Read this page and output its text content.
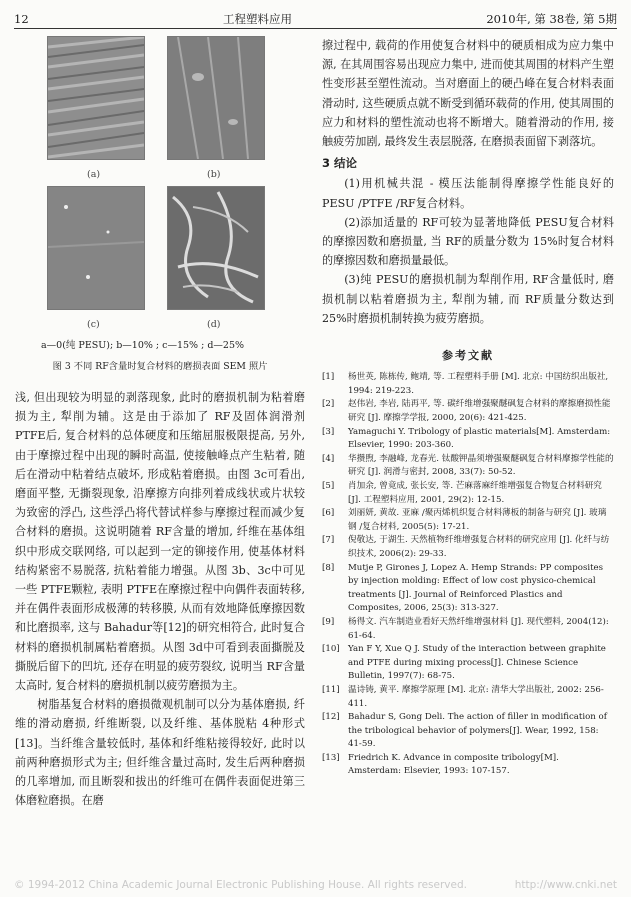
12	工程塑料应用	2010年, 第 38卷, 第 5期
(a)	(b)
(c)	(d)
a—0(纯 PESU); b—10% ; c—15% ; d—25%
图 3 不同 RF含量时复合材料的磨损表面 SEM 照片

浅, 但出现较为明显的剥落现象, 此时的磨损机制为粘着磨损为主, 犁削为辅。这是由于添加了 RF及固体润滑剂 PTFE后, 复合材料的总体硬度和压缩屈服极限提高, 另外, 由于摩擦过程中出现的瞬时高温, 使接触峰点产生粘着, 随后在滑动中粘着结点破坏, 形成粘着磨损。由图 3c可看出, 磨面平整, 无撕裂现象, 沿摩擦方向排列着成线状或片状较为致密的浮凸, 这些浮凸将代替试样参与摩擦过程而减少复合材料的磨损。这说明随着 RF含量的增加, 纤维在基体组织中形成交联网络, 可以起到一定的铆接作用, 使基体材料结构紧密不易脱落, 抗粘着能力增强。从图 3b、3c中可见一些 PTFE颗粒, 表明 PTFE在摩擦过程中向偶件表面转移, 并在偶件表面形成极薄的转移膜, 从而有效地降低摩擦因数和比磨损率, 这与 Bahadur等[12]的研究相符合, 此时复合材料的磨损机制属粘着磨损。从图 3d中可看到表面撕脱及撕脱后留下的凹坑, 还存在明显的疲劳裂纹, 说明当 RF含量太高时, 复合材料的磨损机制以疲劳磨损为主。

树脂基复合材料的磨损微观机制可以分为基体磨损, 纤维的滑动磨损, 纤维断裂, 以及纤维、基体脱粘 4种形式[13]。当纤维含量较低时, 基体和纤维粘接得较好, 此时以前两种磨损形式为主; 但纤维含量过高时, 发生后两种磨损的几率增加, 而且断裂和拔出的纤维可在偶件表面促进第三体磨粒磨损。在磨

擦过程中, 载荷的作用使复合材料中的硬质相成为应力集中源, 在其周围容易出现应力集中, 进而使其周围的材料产生塑性变形甚至塑性流动。当对磨面上的硬凸峰在复合材料表面滑动时, 这些硬质点就不断受到循环载荷的作用, 使其周围的应力和材料的塑性流动也将不断增大。随着滑动的作用, 接触疲劳加剧, 最终发生表层脱落, 在磨损表面留下剥落坑。

3 结论

(1)用机械共混 - 模压法能制得摩擦学性能良好的 PESU /PTFE /RF复合材料。

(2)添加适量的 RF可较为显著地降低 PESU复合材料的摩擦因数和磨损量, 当 RF的质量分数为 15%时复合材料的摩擦因数和磨损量最低。

(3)纯 PESU的磨损机制为犁削作用, RF含量低时, 磨损机制以粘着磨损为主, 犁削为辅, 而 RF质量分数达到 25%时磨损机制转换为疲劳磨损。

参考文献
[1]	杨世英, 陈栋传, 鲍靖, 等. 工程塑料手册 [M]. 北京: 中国纺织出版社, 1994: 219-223.
[2]	赵伟岩, 李岩, 陆再平, 等. 碳纤维增强聚醚砜复合材料的摩擦磨损性能研究 [J]. 摩擦学学报, 2000, 20(6): 421-425.
[3]	Yamaguchi Y. Tribology of plastic materials[M]. Amsterdam: Elsevier, 1990: 203-360.
[4]	华攒煦, 李融峰, 龙春光. 钛酸钾晶须增强聚醚砜复合材料摩擦学性能的研究 [J]. 润滑与密封, 2008, 33(7): 50-52.
[5]	肖加余, 曾竟成, 张长安, 等. 芒麻落麻纤维增强复合物复合材料研究 [J]. 工程塑料应用, 2001, 29(2): 12-15.
[6]	刘丽妍, 黄故. 亚麻 /聚丙烯机织复合材料薄板的制备与研究 [J]. 玻璃钢 /复合材料, 2005(5): 17-21.
[7]	倪敬达, 于湖生. 天然植物纤维增强复合材料的研究应用 [J]. 化纤与纺织技术, 2006(2): 29-33.
[8]	Mutje P, Girones J, Lopez A. Hemp Strands: PP composites by injection molding: Effect of low cost physico-chemical treatments [J]. Journal of Reinforced Plastics and Composites, 2006, 25(3): 313-327.
[9]	杨得文. 汽车制造业看好天然纤维增强材料 [J]. 现代塑料, 2004(12): 61-64.
[10] Yan F Y, Xue Q J. Study of the interaction between graphite and PTFE during mixing process[J]. Chinese Science Bulletin, 1997(7): 68-75.
[11] 温诗铸, 黄平. 摩擦学原理 [M]. 北京: 清华大学出版社, 2002: 256-411.
[12] Bahadur S, Gong Deli. The action of filler in modification of the tribological behavior of polymers[J]. Wear, 1992, 158: 41-59.
[13] Friedrich K. Advance in composite tribology[M]. Amsterdam: Elsevier, 1993: 107-157.
© 1994-2012 China Academic Journal Electronic Publishing House. All rights reserved.	http://www.cnki.net
